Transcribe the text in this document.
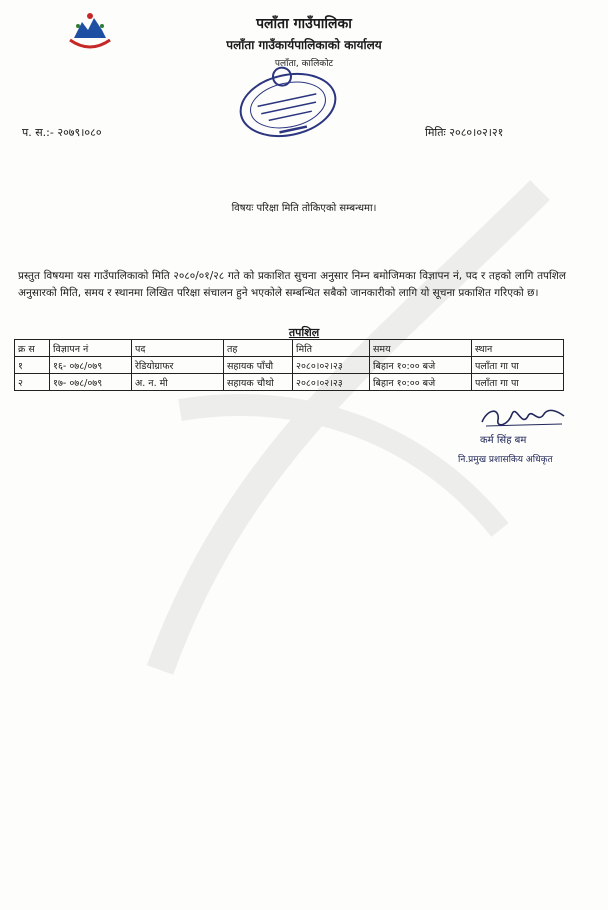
पलाँता गाउँपालिका
पलाँता गाउँकार्यपालिकाको कार्यालय
पलाँता, कालिकोट
प. स.:- २०७९।०८०	मितिः २०८०।०२।२१
विषयः परिक्षा मिति तोकिएको सम्बन्धमा।
प्रस्तुत विषयमा यस गाउँपालिकाको मिति २०८०/०१/२८ गते को प्रकाशित सुचना अनुसार निम्न बमोजिमका विज्ञापन नं, पद र तहको लागि तपशिल अनुसारको मिति, समय र स्थानमा लिखित परिक्षा संचालन हुने भएकोले सम्बन्धित सबैको जानकारीको लागि यो सूचना प्रकाशित गरिएको छ।
तपशिल
क्र स	विज्ञापन नं	पद	तह	मिति	समय	स्थान
१	१६- ०७८/०७९	रेडियोग्राफर	सहायक पाँचौ	२०८०।०२।२३	बिहान १०:०० बजे	पलाँता गा पा
२	१७- ०७८/०७९	अ. न. मी	सहायक चौथो	२०८०।०२।२३	बिहान १०:०० बजे	पलाँता गा पा
कर्म सिंह बम
नि.प्रमुख प्रशासकिय अधिकृत
